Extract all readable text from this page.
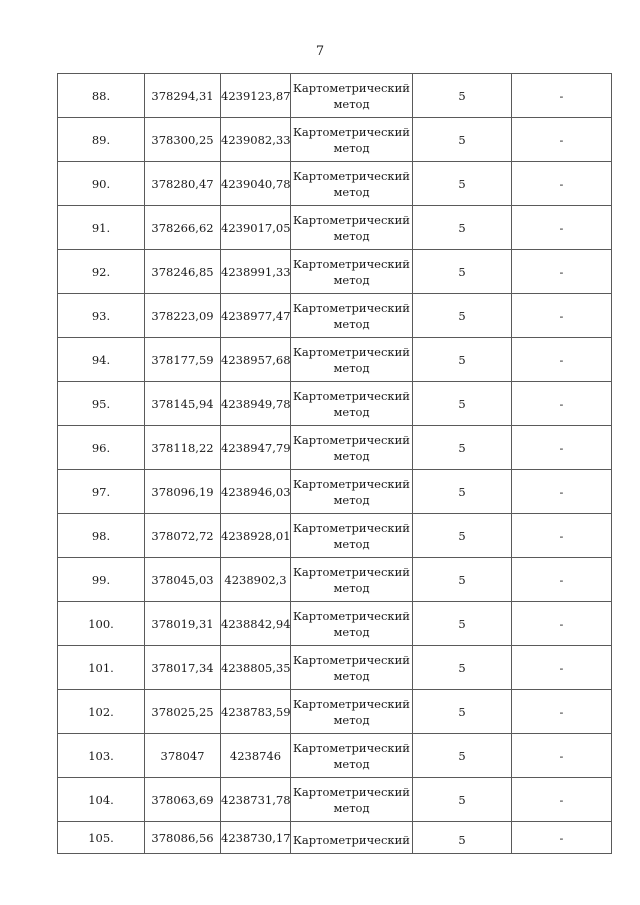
7
88.	378294,31	4239123,87	Картометрический
метод	5	-
89.	378300,25	4239082,33	Картометрический
метод	5	-
90.	378280,47	4239040,78	Картометрический
метод	5	-
91.	378266,62	4239017,05	Картометрический
метод	5	-
92.	378246,85	4238991,33	Картометрический
метод	5	-
93.	378223,09	4238977,47	Картометрический
метод	5	-
94.	378177,59	4238957,68	Картометрический
метод	5	-
95.	378145,94	4238949,78	Картометрический
метод	5	-
96.	378118,22	4238947,79	Картометрический
метод	5	-
97.	378096,19	4238946,03	Картометрический
метод	5	-
98.	378072,72	4238928,01	Картометрический
метод	5	-
99.	378045,03	4238902,3	Картометрический
метод	5	-
100.	378019,31	4238842,94	Картометрический
метод	5	-
101.	378017,34	4238805,35	Картометрический
метод	5	-
102.	378025,25	4238783,59	Картометрический
метод	5	-
103.	378047	4238746	Картометрический
метод	5	-
104.	378063,69	4238731,78	Картометрический
метод	5	-
105.	378086,56	4238730,17	Картометрический	5	-
